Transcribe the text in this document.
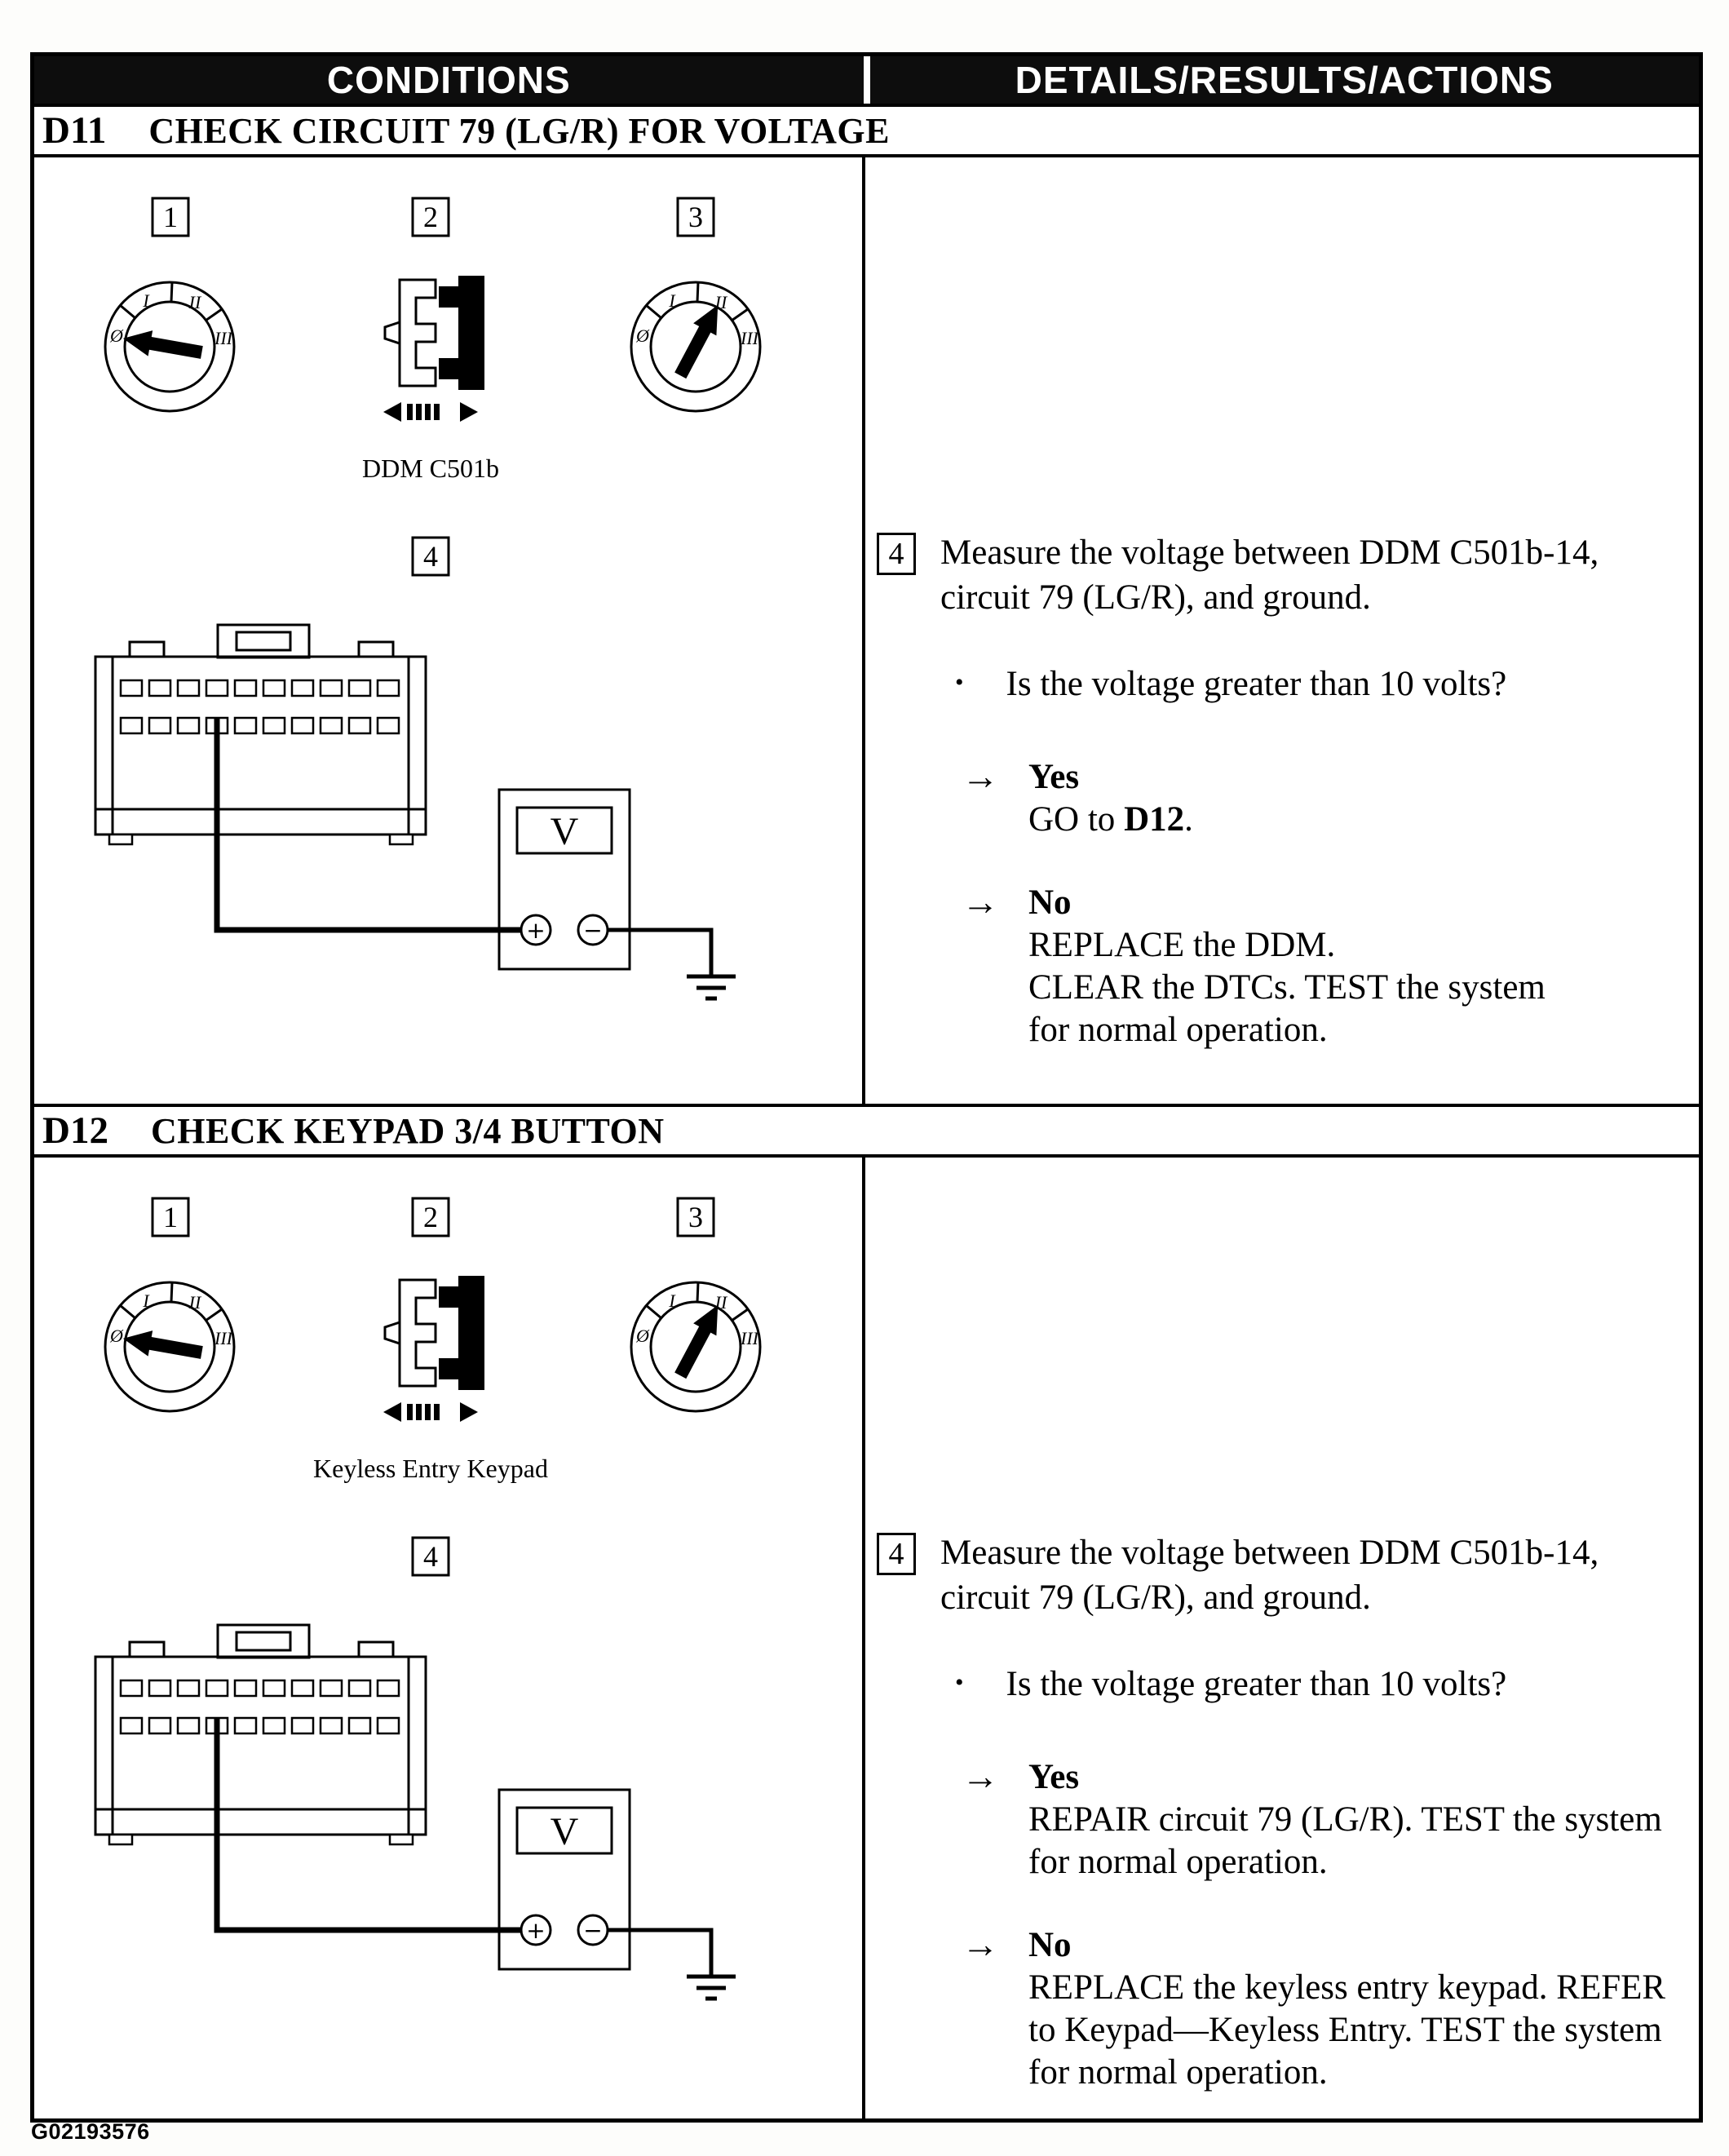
CONDITIONS	DETAILS/RESULTS/ACTIONS
D11 CHECK CIRCUIT 79 (LG/R) FOR VOLTAGE
1	2	3
Ø
I II
III	Ø
I II
III
DDM C501b
4
V
+ −
4	Measure the voltage between DDM C501b-14,
circuit 79 (LG/R), and ground.
• Is the voltage greater than 10 volts?
→ Yes
GO to D12.
→ No
REPLACE the DDM.
CLEAR the DTCs. TEST the system
for normal operation.
D12 CHECK KEYPAD 3/4 BUTTON
1	2	3
Ø
I II
III	Ø
I II
III
Keyless Entry Keypad
4
V
+ −
4	Measure the voltage between DDM C501b-14,
circuit 79 (LG/R), and ground.
• Is the voltage greater than 10 volts?
→ Yes
REPAIR circuit 79 (LG/R). TEST the system
for normal operation.
→ No
REPLACE the keyless entry keypad. REFER
to Keypad—Keyless Entry. TEST the system
for normal operation.
G02193576
